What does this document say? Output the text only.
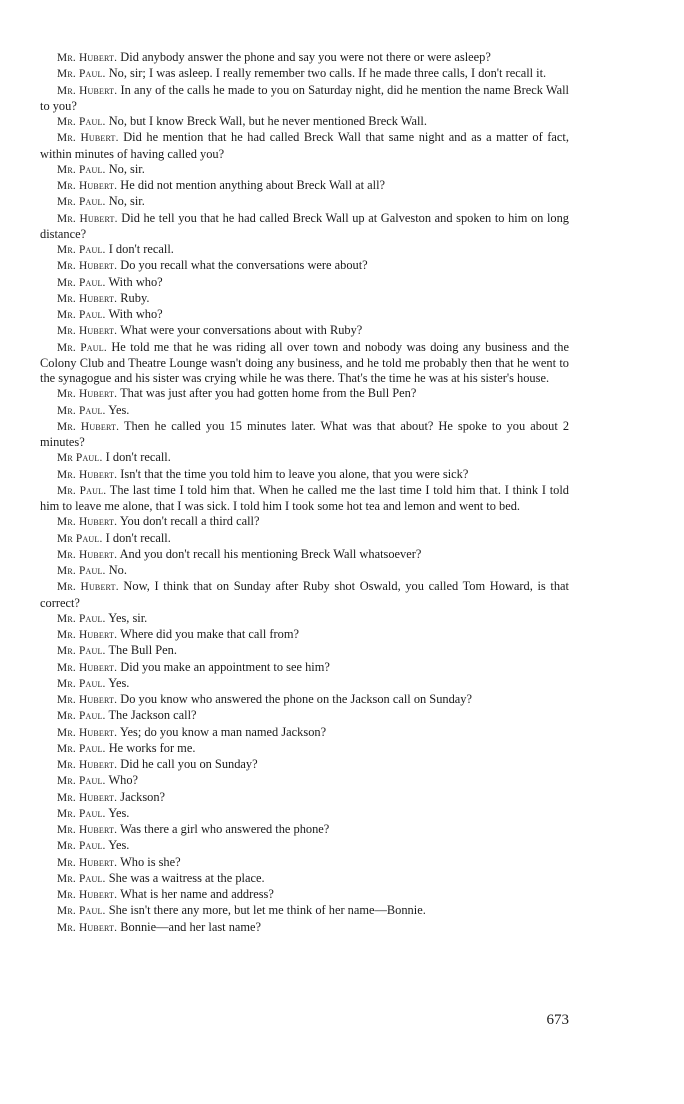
Mr. Hubert. Did anybody answer the phone and say you were not there or were asleep?

Mr. Paul. No, sir; I was asleep. I really remember two calls. If he made three calls, I don't recall it.

Mr. Hubert. In any of the calls he made to you on Saturday night, did he mention the name Breck Wall to you?

Mr. Paul. No, but I know Breck Wall, but he never mentioned Breck Wall.

Mr. Hubert. Did he mention that he had called Breck Wall that same night and as a matter of fact, within minutes of having called you?

Mr. Paul. No, sir.

Mr. Hubert. He did not mention anything about Breck Wall at all?

Mr. Paul. No, sir.

Mr. Hubert. Did he tell you that he had called Breck Wall up at Galveston and spoken to him on long distance?

Mr. Paul. I don't recall.

Mr. Hubert. Do you recall what the conversations were about?

Mr. Paul. With who?

Mr. Hubert. Ruby.

Mr. Paul. With who?

Mr. Hubert. What were your conversations about with Ruby?

Mr. Paul. He told me that he was riding all over town and nobody was doing any business and the Colony Club and Theatre Lounge wasn't doing any business, and he told me probably then that he went to the synagogue and his sister was crying while he was there. That's the time he was at his sister's house.

Mr. Hubert. That was just after you had gotten home from the Bull Pen?

Mr. Paul. Yes.

Mr. Hubert. Then he called you 15 minutes later. What was that about? He spoke to you about 2 minutes?

Mr Paul. I don't recall.

Mr. Hubert. Isn't that the time you told him to leave you alone, that you were sick?

Mr. Paul. The last time I told him that. When he called me the last time I told him that. I think I told him to leave me alone, that I was sick. I told him I took some hot tea and lemon and went to bed.

Mr. Hubert. You don't recall a third call?

Mr Paul. I don't recall.

Mr. Hubert. And you don't recall his mentioning Breck Wall whatsoever?

Mr. Paul. No.

Mr. Hubert. Now, I think that on Sunday after Ruby shot Oswald, you called Tom Howard, is that correct?

Mr. Paul. Yes, sir.

Mr. Hubert. Where did you make that call from?

Mr. Paul. The Bull Pen.

Mr. Hubert. Did you make an appointment to see him?

Mr. Paul. Yes.

Mr. Hubert. Do you know who answered the phone on the Jackson call on Sunday?

Mr. Paul. The Jackson call?

Mr. Hubert. Yes; do you know a man named Jackson?

Mr. Paul. He works for me.

Mr. Hubert. Did he call you on Sunday?

Mr. Paul. Who?

Mr. Hubert. Jackson?

Mr. Paul. Yes.

Mr. Hubert. Was there a girl who answered the phone?

Mr. Paul. Yes.

Mr. Hubert. Who is she?

Mr. Paul. She was a waitress at the place.

Mr. Hubert. What is her name and address?

Mr. Paul. She isn't there any more, but let me think of her name—Bonnie.

Mr. Hubert. Bonnie—and her last name?

673
